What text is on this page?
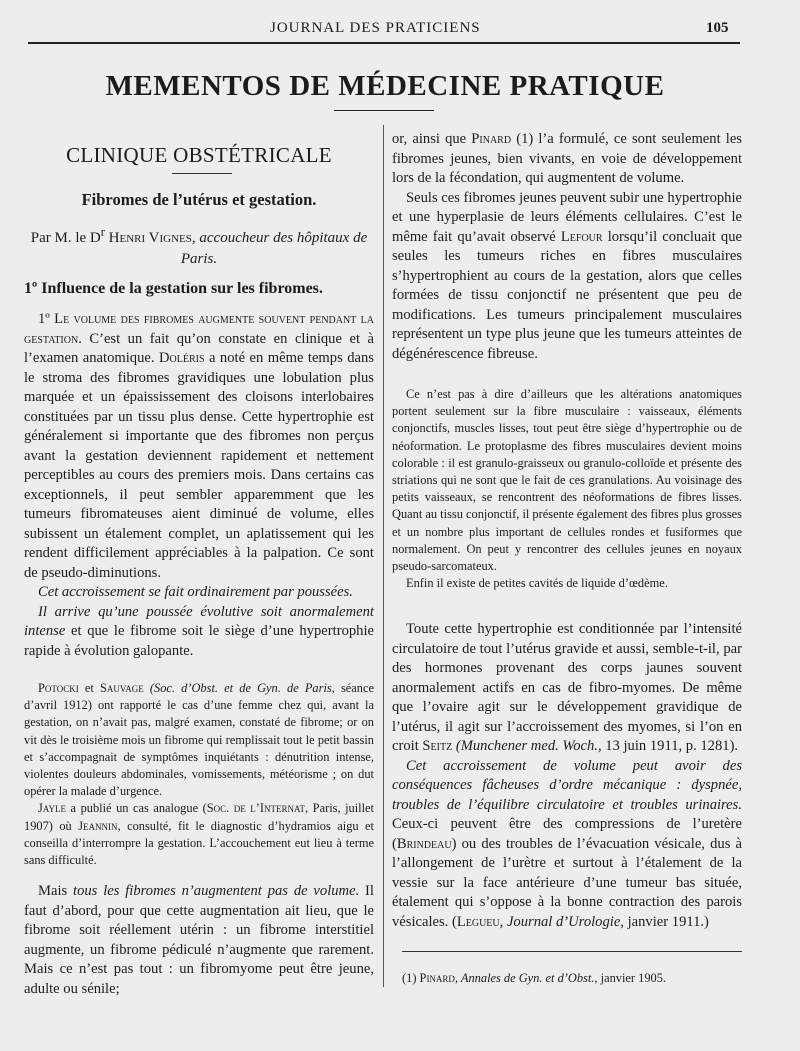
JOURNAL DES PRATICIENS	105
MEMENTOS DE MÉDECINE PRATIQUE
CLINIQUE OBSTÉTRICALE
Fibromes de l’utérus et gestation.
Par M. le $D^r$ Henri Vignes, accoucheur des hôpitaux de Paris.
1º Influence de la gestation sur les fibromes.

1º Le volume des fibromes augmente souvent pendant la gestation. C’est un fait qu’on constate en clinique et à l’examen anatomique. Doléris a noté en même temps dans le stroma des fibromes gravidiques une lobulation plus marquée et un épaississement des cloisons interlobaires constituées par un tissu plus dense. Cette hypertrophie est généralement si importante que des fibromes non perçus avant la gestation deviennent rapidement et nettement perceptibles au cours des premiers mois. Dans certains cas exceptionnels, il peut sembler apparemment que les tumeurs fibromateuses aient diminué de volume, elles subissent un étalement complet, un aplatissement qui les rendent difficilement appréciables à la palpation. Ce sont de pseudo-diminutions.

Cet accroissement se fait ordinairement par poussées.

Il arrive qu’une poussée évolutive soit anormalement intense et que le fibrome soit le siège d’une hypertrophie rapide à évolution galopante.

Potocki et Sauvage (Soc. d’Obst. et de Gyn. de Paris, séance d’avril 1912) ont rapporté le cas d’une femme chez qui, avant la gestation, on n’avait pas, malgré examen, constaté de fibrome; or on vit dès le troisième mois un fibrome qui remplissait tout le petit bassin et s’accompagnait de symptômes inquiétants : dénutrition intense, violentes douleurs abdominales, vomissements, météorisme ; on dut opérer la malade d’urgence.

Jayle a publié un cas analogue (Soc. de l’Internat, Paris, juillet 1907) où Jeannin, consulté, fit le diagnostic d’hydramios aigu et conseilla d’interrompre la gestation. L’accouchement eut lieu à terme sans difficulté.

Mais tous les fibromes n’augmentent pas de volume. Il faut d’abord, pour que cette augmentation ait lieu, que le fibrome soit réellement utérin : un fibrome interstitiel augmente, un fibrome pédiculé n’augmente que rarement. Mais ce n’est pas tout : un fibromyome peut être jeune, adulte ou sénile;

or, ainsi que Pinard (1) l’a formulé, ce sont seulement les fibromes jeunes, bien vivants, en voie de développement lors de la fécondation, qui augmentent de volume.

Seuls ces fibromes jeunes peuvent subir une hypertrophie et une hyperplasie de leurs éléments cellulaires. C’est le même fait qu’avait observé Lefour lorsqu’il concluait que seules les tumeurs riches en fibres musculaires s’hypertrophient au cours de la gestation, alors que celles formées de tissu conjonctif ne présentent que peu de modifications. Les tumeurs principalement musculaires représentent un type plus jeune que les tumeurs atteintes de dégénérescence fibreuse.

Ce n’est pas à dire d’ailleurs que les altérations anatomiques portent seulement sur la fibre musculaire : vaisseaux, éléments conjonctifs, muscles lisses, tout peut être siège d’hypertrophie ou de néoformation. Le protoplasme des fibres musculaires devient moins colorable : il est granulo-graisseux ou granulo-colloïde et présente des striations qui ne sont que le fait de ces granulations. Au voisinage des petits vaisseaux, se rencontrent des néoformations de fibres lisses. Quant au tissu conjonctif, il présente également des fibres plus grosses et un nombre plus important de cellules rondes et fusiformes que normalement. On peut y rencontrer des cellules jeunes en noyaux pseudo-sarcomateux.

Enfin il existe de petites cavités de liquide d’œdème.

Toute cette hypertrophie est conditionnée par l’intensité circulatoire de tout l’utérus gravide et aussi, semble-t-il, par des hormones provenant des corps jaunes souvent anormalement actifs en cas de fibro-myomes. De même que l’ovaire agit sur le développement gravidique de l’utérus, il agit sur l’accroissement des myomes, si l’on en croit Seitz (Munchener med. Woch., 13 juin 1911, p. 1281).

Cet accroissement de volume peut avoir des conséquences fâcheuses d’ordre mécanique : dyspnée, troubles de l’équilibre circulatoire et troubles urinaires. Ceux-ci peuvent être des compressions de l’uretère (Brindeau) ou des troubles de l’évacuation vésicale, dus à l’allongement de l’urètre et surtout à l’étalement de la vessie sur la face antérieure d’une tumeur bas située, étalement qui s’oppose à la bonne contraction des parois vésicales. (Legueu, Journal d’Urologie, janvier 1911.)

(1) Pinard, Annales de Gyn. et d’Obst., janvier 1905.
